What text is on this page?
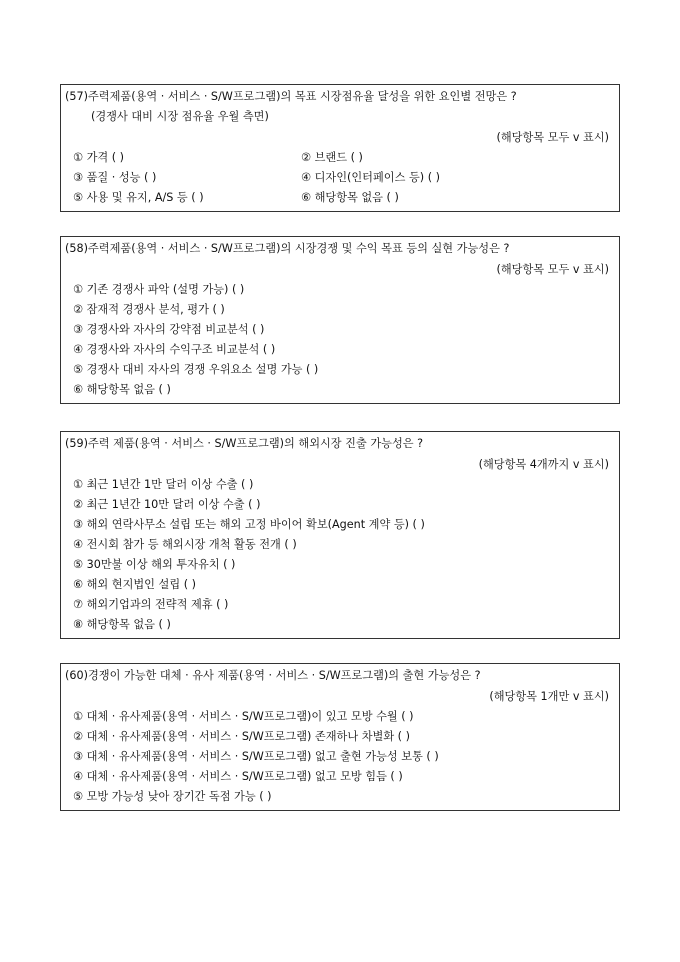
(57)주력제품(용역 · 서비스 · S/W프로그램)의 목표 시장점유율 달성을 위한 요인별 전망은 ?
(경쟁사 대비 시장 점유율 우월 측면)
(해당항목 모두 v 표시)
① 가격 ( )	② 브랜드 ( )
③ 품질 · 성능 ( )	④ 디자인(인터페이스 등) ( )
⑤ 사용 및 유지, A/S 등 ( )	⑥ 해당항목 없음 ( )
(58)주력제품(용역 · 서비스 · S/W프로그램)의 시장경쟁 및 수익 목표 등의 실현 가능성은 ?
(해당항목 모두 v 표시)
① 기존 경쟁사 파악 (설명 가능) ( )
② 잠재적 경쟁사 분석, 평가 ( )
③ 경쟁사와 자사의 강약점 비교분석 ( )
④ 경쟁사와 자사의 수익구조 비교분석 ( )
⑤ 경쟁사 대비 자사의 경쟁 우위요소 설명 가능 ( )
⑥ 해당항목 없음 ( )
(59)주력 제품(용역 · 서비스 · S/W프로그램)의 해외시장 진출 가능성은 ?
(해당항목 4개까지 v 표시)
① 최근 1년간 1만 달러 이상 수출 ( )
② 최근 1년간 10만 달러 이상 수출 ( )
③ 해외 연락사무소 설립 또는 해외 고정 바이어 확보(Agent 계약 등) ( )
④ 전시회 참가 등 해외시장 개척 활동 전개 ( )
⑤ 30만불 이상 해외 투자유치 ( )
⑥ 해외 현지법인 설립 ( )
⑦ 해외기업과의 전략적 제휴 ( )
⑧ 해당항목 없음 ( )
(60)경쟁이 가능한 대체 · 유사 제품(용역 · 서비스 · S/W프로그램)의 출현 가능성은 ?
(해당항목 1개만 v 표시)
① 대체 · 유사제품(용역 · 서비스 · S/W프로그램)이 있고 모방 수월 ( )
② 대체 · 유사제품(용역 · 서비스 · S/W프로그램) 존재하나 차별화 ( )
③ 대체 · 유사제품(용역 · 서비스 · S/W프로그램) 없고 출현 가능성 보통 ( )
④ 대체 · 유사제품(용역 · 서비스 · S/W프로그램) 없고 모방 힘듬 ( )
⑤ 모방 가능성 낮아 장기간 독점 가능 ( )
